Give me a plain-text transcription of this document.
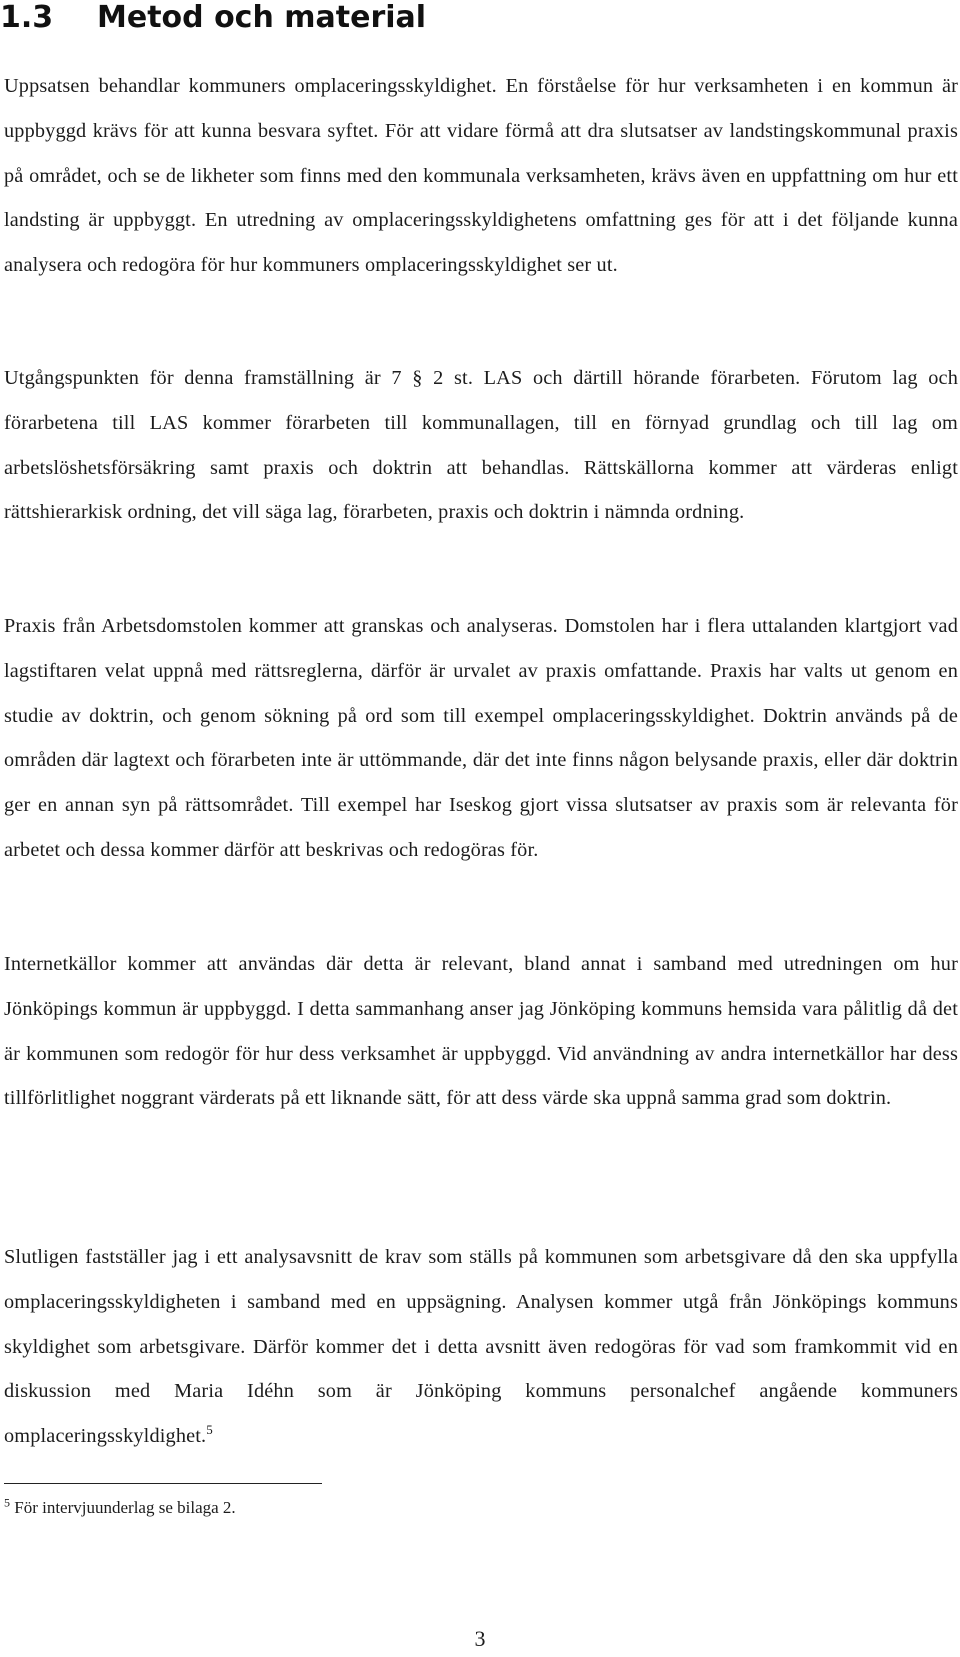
1.3 Metod och material

Uppsatsen behandlar kommuners omplaceringsskyldighet. En förståelse för hur verksamheten i en kommun är uppbyggd krävs för att kunna besvara syftet. För att vidare förmå att dra slutsatser av landstingskommunal praxis på området, och se de likheter som finns med den kommunala verksamheten, krävs även en uppfattning om hur ett landsting är uppbyggt. En utredning av omplaceringsskyldighetens omfattning ges för att i det följande kunna analysera och redogöra för hur kommuners omplaceringsskyldighet ser ut.

Utgångspunkten för denna framställning är 7 § 2 st. LAS och därtill hörande förarbeten. Förutom lag och förarbetena till LAS kommer förarbeten till kommunallagen, till en förnyad grundlag och till lag om arbetslöshetsförsäkring samt praxis och doktrin att behandlas. Rättskällorna kommer att värderas enligt rättshierarkisk ordning, det vill säga lag, förarbeten, praxis och doktrin i nämnda ordning.

Praxis från Arbetsdomstolen kommer att granskas och analyseras. Domstolen har i flera uttalanden klartgjort vad lagstiftaren velat uppnå med rättsreglerna, därför är urvalet av praxis omfattande. Praxis har valts ut genom en studie av doktrin, och genom sökning på ord som till exempel omplaceringsskyldighet. Doktrin används på de områden där lagtext och förarbeten inte är uttömmande, där det inte finns någon belysande praxis, eller där doktrin ger en annan syn på rättsområdet. Till exempel har Iseskog gjort vissa slutsatser av praxis som är relevanta för arbetet och dessa kommer därför att beskrivas och redogöras för.

Internetkällor kommer att användas där detta är relevant, bland annat i samband med utredningen om hur Jönköpings kommun är uppbyggd. I detta sammanhang anser jag Jönköping kommuns hemsida vara pålitlig då det är kommunen som redogör för hur dess verksamhet är uppbyggd. Vid användning av andra internetkällor har dess tillförlitlighet noggrant värderats på ett liknande sätt, för att dess värde ska uppnå samma grad som doktrin.

Slutligen fastställer jag i ett analysavsnitt de krav som ställs på kommunen som arbetsgivare då den ska uppfylla omplaceringsskyldigheten i samband med en uppsägning. Analysen kommer utgå från Jönköpings kommuns skyldighet som arbetsgivare. Därför kommer det i detta avsnitt även redogöras för vad som framkommit vid en diskussion med Maria Idéhn som är Jönköping kommuns personalchef angående kommuners omplaceringsskyldighet.$^5$

$^5$ För intervjuunderlag se bilaga 2.

3
